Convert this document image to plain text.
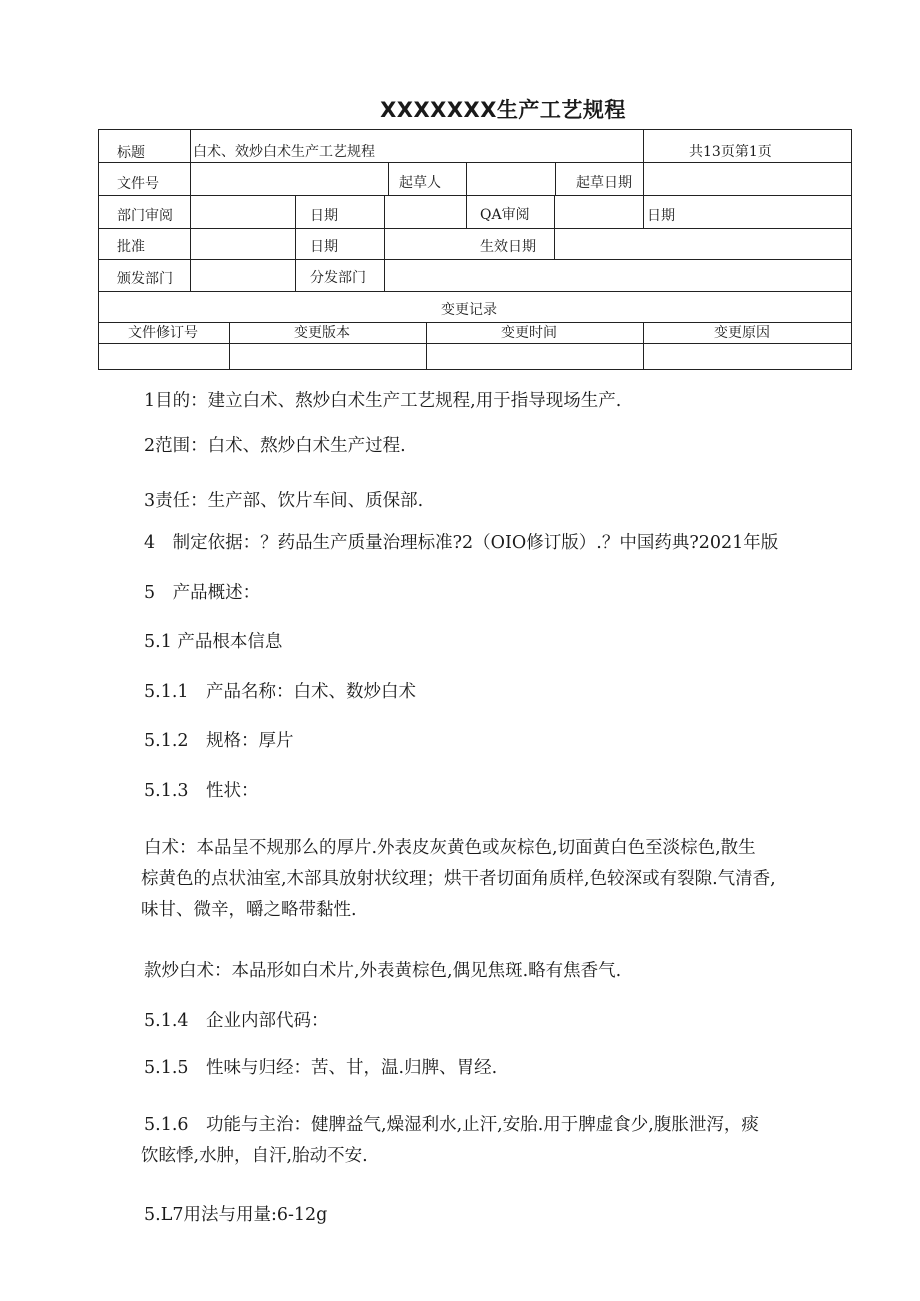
XXXXXXX生产工艺规程
标题	白术、效炒白术生产工艺规程	共13页第1页
文件号	起草人	起草日期
部门审阅	日期	QA审阅	日期
批准	日期	生效日期
颁发部门	分发部门
变更记录
文件修订号	变更版本	变更时间	变更原因
1目的：建立白术、熬炒白术生产工艺规程,用于指导现场生产.
2范围：白术、熬炒白术生产过程.
3责任：生产部、饮片车间、质保部.
4　制定依据：？药品生产质量治理标准?2（OIO修订版）.？中国药典?2021年版
5　产品概述：
5.1 产品根本信息
5.1.1　产品名称：白术、数炒白术
5.1.2　规格：厚片
5.1.3　性状：
白术：本品呈不规那么的厚片.外表皮灰黄色或灰棕色,切面黄白色至淡棕色,散生
棕黄色的点状油室,木部具放射状纹理；烘干者切面角质样,色较深或有裂隙.气清香,
味甘、微辛，嚼之略带黏性.
款炒白术：本品形如白术片,外表黄棕色,偶见焦斑.略有焦香气.
5.1.4　企业内部代码：
5.1.5　性味与归经：苦、甘，温.归脾、胃经.
5.1.6　功能与主治：健脾益气,燥湿利水,止汗,安胎.用于脾虚食少,腹胀泄泻，痰
饮眩悸,水肿，自汗,胎动不安.
5.L7用法与用量:6-12g
